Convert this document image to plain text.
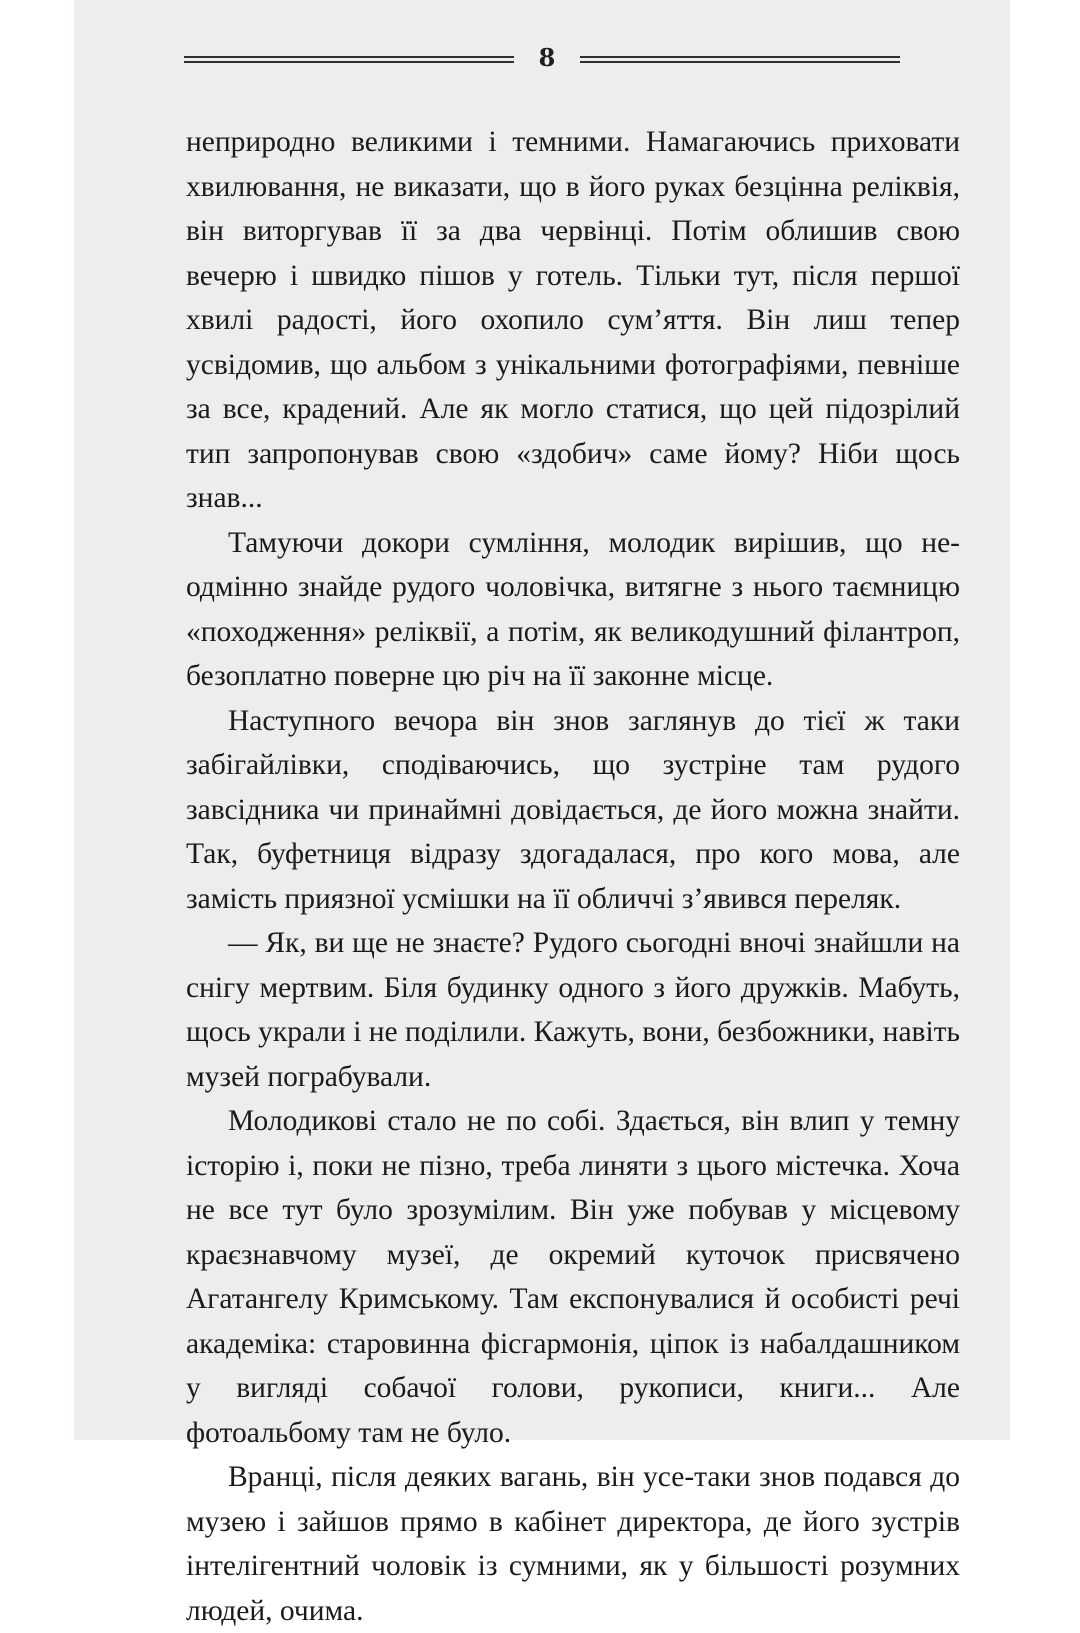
8

неприродно великими і темними. Намагаючись приховати хвилювання, не виказати, що в його руках безцінна реліквія, він виторгував її за два червінці. Потім облишив свою вечерю і швидко пішов у готель. Тільки тут, після першої хвилі радості, його охопило сум’яття. Він лиш тепер усвідомив, що альбом з унікальними фотографіями, певніше за все, крадений. Але як могло статися, що цей підозрілий тип запропонував свою «здобич» саме йому? Ніби щось знав...

Тамуючи докори сумління, молодик вирішив, що неодмінно знайде рудого чоловічка, витягне з нього таємницю «походження» реліквії, а потім, як великодушний філантроп, безоплатно поверне цю річ на її законне місце.

Наступного вечора він знов заглянув до тієї ж таки забігайлівки, сподіваючись, що зустріне там рудого завсідника чи принаймні довідається, де його можна знайти. Так, буфетниця відразу здогадалася, про кого мова, але замість приязної усмішки на її обличчі з’явився переляк.

— Як, ви ще не знаєте? Рудого сьогодні вночі знайшли на снігу мертвим. Біля будинку одного з його дружків. Мабуть, щось украли і не поділили. Кажуть, вони, безбожники, навіть музей пограбували.

Молодикові стало не по собі. Здається, він влип у темну історію і, поки не пізно, треба линяти з цього містечка. Хоча не все тут було зрозумілим. Він уже побував у місцевому краєзнавчому музеї, де окремий куточок присвячено Агатангелу Кримському. Там експонувалися й особисті речі академіка: старовинна фісгармонія, ціпок із набалдашником у вигляді собачої голови, рукописи, книги... Але фотоальбому там не було.

Вранці, після деяких вагань, він усе-таки знов подався до музею і зайшов прямо в кабінет директора, де його зустрів інтелігентний чоловік із сумними, як у більшості розумних людей, очима.
